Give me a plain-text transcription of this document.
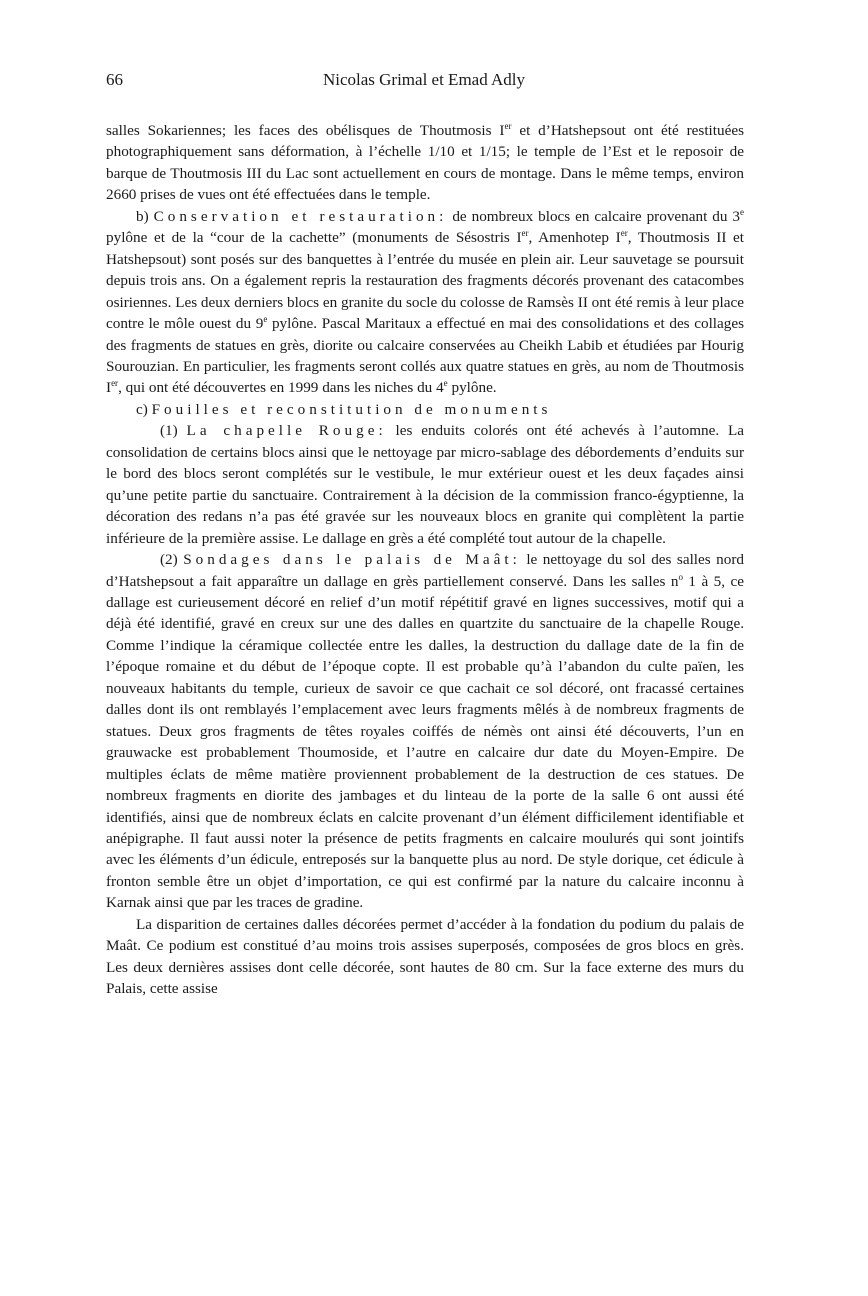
66	Nicolas Grimal et Emad Adly

salles Sokariennes; les faces des obélisques de Thoutmosis Ier et d’Hatshepsout ont été restituées photographiquement sans déformation, à l’échelle 1/10 et 1/15; le temple de l’Est et le reposoir de barque de Thoutmosis III du Lac sont actuellement en cours de montage. Dans le même temps, environ 2660 prises de vues ont été effectuées dans le temple.

b) Conservation et restauration: de nombreux blocs en calcaire provenant du 3e pylône et de la “cour de la cachette” (monuments de Sésostris Ier, Amenhotep Ier, Thoutmosis II et Hatshepsout) sont posés sur des banquettes à l’entrée du musée en plein air. Leur sauvetage se poursuit depuis trois ans. On a également repris la restauration des fragments décorés provenant des catacombes osiriennes. Les deux derniers blocs en granite du socle du colosse de Ramsès II ont été remis à leur place contre le môle ouest du 9e pylône. Pascal Maritaux a effectué en mai des consolidations et des collages des fragments de statues en grès, diorite ou calcaire conservées au Cheikh Labib et étudiées par Hourig Sourouzian. En particulier, les fragments seront collés aux quatre statues en grès, au nom de Thoutmosis Ier, qui ont été découvertes en 1999 dans les niches du 4e pylône.

c) Fouilles et reconstitution de monuments

(1) La chapelle Rouge: les enduits colorés ont été achevés à l’automne. La consolidation de certains blocs ainsi que le nettoyage par micro-sablage des débordements d’enduits sur le bord des blocs seront complétés sur le vestibule, le mur extérieur ouest et les deux façades ainsi qu’une petite partie du sanctuaire. Contrairement à la décision de la commission franco-égyptienne, la décoration des redans n’a pas été gravée sur les nouveaux blocs en granite qui complètent la partie inférieure de la première assise. Le dallage en grès a été complété tout autour de la chapelle.

(2) Sondages dans le palais de Maât: le nettoyage du sol des salles nord d’Hatshepsout a fait apparaître un dallage en grès partiellement conservé. Dans les salles $n^o$ 1 à 5, ce dallage est curieusement décoré en relief d’un motif répétitif gravé en lignes successives, motif qui a déjà été identifié, gravé en creux sur une des dalles en quartzite du sanctuaire de la chapelle Rouge. Comme l’indique la céramique collectée entre les dalles, la destruction du dallage date de la fin de l’époque romaine et du début de l’époque copte. Il est probable qu’à l’abandon du culte païen, les nouveaux habitants du temple, curieux de savoir ce que cachait ce sol décoré, ont fracassé certaines dalles dont ils ont remblayés l’emplacement avec leurs fragments mêlés à de nombreux fragments de statues. Deux gros fragments de têtes royales coiffés de némès ont ainsi été découverts, l’un en grauwacke est probablement Thoumoside, et l’autre en calcaire dur date du Moyen-Empire. De multiples éclats de même matière proviennent probablement de la destruction de ces statues. De nombreux fragments en diorite des jambages et du linteau de la porte de la salle 6 ont aussi été identifiés, ainsi que de nombreux éclats en calcite provenant d’un élément difficilement identifiable et anépigraphe. Il faut aussi noter la présence de petits fragments en calcaire moulurés qui sont jointifs avec les éléments d’un édicule, entreposés sur la banquette plus au nord. De style dorique, cet édicule à fronton semble être un objet d’importation, ce qui est confirmé par la nature du calcaire inconnu à Karnak ainsi que par les traces de gradine.

La disparition de certaines dalles décorées permet d’accéder à la fondation du podium du palais de Maât. Ce podium est constitué d’au moins trois assises superposés, composées de gros blocs en grès. Les deux dernières assises dont celle décorée, sont hautes de 80 cm. Sur la face externe des murs du Palais, cette assise
